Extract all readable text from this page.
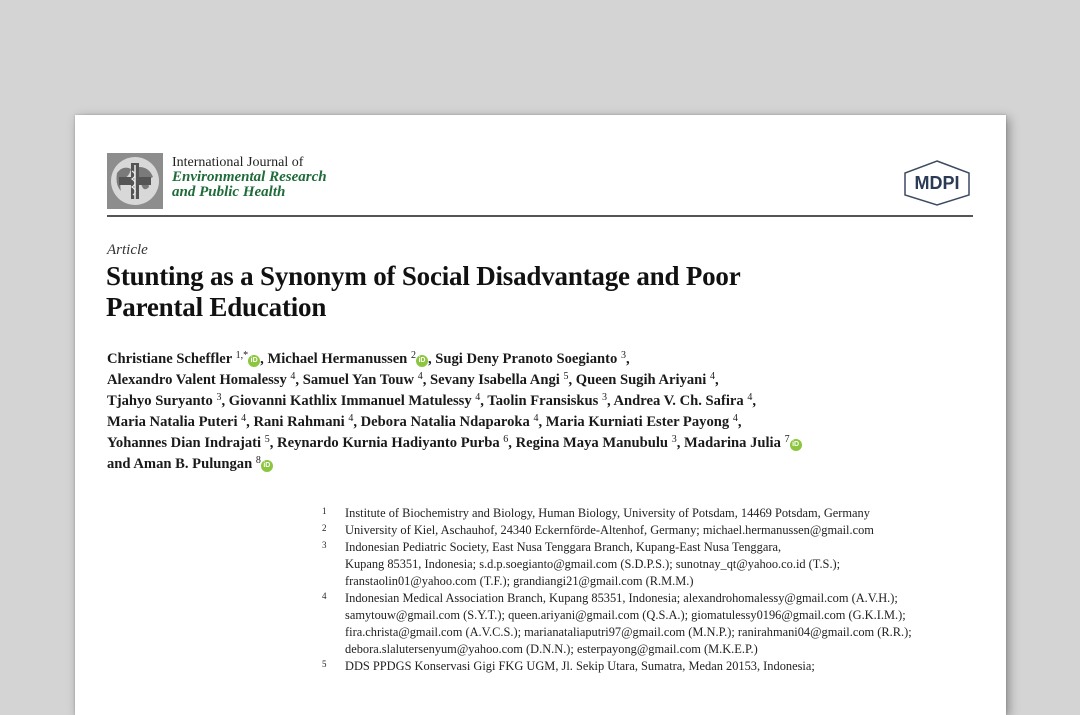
International Journal of
Environmental Research
and Public Health	MDPI
Article
Stunting as a Synonym of Social Disadvantage and Poor
Parental Education
Christiane Scheffler $^{1,*}$ iD , Michael Hermanussen $^2$ iD , Sugi Deny Pranoto Soegianto $^3$,
Alexandro Valent Homalessy $^4$, Samuel Yan Touw $^4$, Sevany Isabella Angi $^5$, Queen Sugih Ariyani $^4$,
Tjahyo Suryanto $^3$, Giovanni Kathlix Immanuel Matulessy $^4$, Taolin Fransiskus $^3$, Andrea V. Ch. Safira $^4$,
Maria Natalia Puteri $^4$, Rani Rahmani $^4$, Debora Natalia Ndaparoka $^4$, Maria Kurniati Ester Payong $^4$,
Yohannes Dian Indrajati $^5$, Reynardo Kurnia Hadiyanto Purba $^6$, Regina Maya Manubulu $^3$, Madarina Julia $^7$ iD
and Aman B. Pulungan $^8$ iD
1 Institute of Biochemistry and Biology, Human Biology, University of Potsdam, 14469 Potsdam, Germany
2 University of Kiel, Aschauhof, 24340 Eckernförde-Altenhof, Germany; michael.hermanussen@gmail.com
3 Indonesian Pediatric Society, East Nusa Tenggara Branch, Kupang-East Nusa Tenggara,
Kupang 85351, Indonesia; s.d.p.soegianto@gmail.com (S.D.P.S.); sunotnay_qt@yahoo.co.id (T.S.);
franstaolin01@yahoo.com (T.F.); grandiangi21@gmail.com (R.M.M.)
4 Indonesian Medical Association Branch, Kupang 85351, Indonesia; alexandrohomalessy@gmail.com (A.V.H.);
samytouw@gmail.com (S.Y.T.); queen.ariyani@gmail.com (Q.S.A.); giomatulessy0196@gmail.com (G.K.I.M.);
fira.christa@gmail.com (A.V.C.S.); marianataliaputri97@gmail.com (M.N.P.); ranirahmani04@gmail.com (R.R.);
debora.slalutersenyum@yahoo.com (D.N.N.); esterpayong@gmail.com (M.K.E.P.)
5 DDS PPDGS Konservasi Gigi FKG UGM, Jl. Sekip Utara, Sumatra, Medan 20153, Indonesia;
